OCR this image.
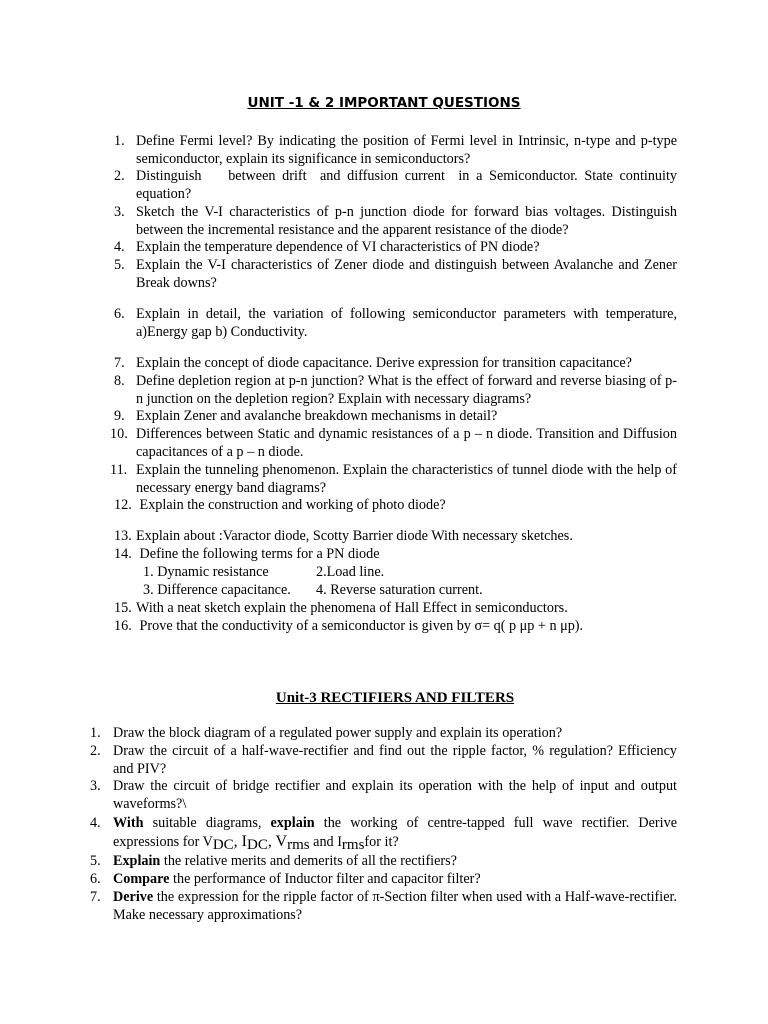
UNIT -1 & 2 IMPORTANT QUESTIONS
1. Define Fermi level? By indicating the position of Fermi level in Intrinsic, n-type and p-type semiconductor, explain its significance in semiconductors?
2. Distinguish    between drift  and diffusion current  in a Semiconductor. State continuity equation?
3. Sketch the V-I characteristics of p-n junction diode for forward bias voltages. Distinguish between the incremental resistance and the apparent resistance of the diode?
4. Explain the temperature dependence of VI characteristics of PN diode?
5. Explain the V-I characteristics of Zener diode and distinguish between Avalanche and Zener Break downs?
6. Explain in detail, the variation of following semiconductor parameters with temperature, a)Energy gap b) Conductivity.
7. Explain the concept of diode capacitance. Derive expression for transition capacitance?
8. Define depletion region at p-n junction? What is the effect of forward and reverse biasing of p-n junction on the depletion region? Explain with necessary diagrams?
9. Explain Zener and avalanche breakdown mechanisms in detail?
10. Differences between Static and dynamic resistances of a p – n diode. Transition and Diffusion capacitances of a p – n diode.
11. Explain the tunneling phenomenon. Explain the characteristics of tunnel diode with the help of necessary energy band diagrams?
12. Explain the construction and working of photo diode?
13. Explain about :Varactor diode, Scotty Barrier diode With necessary sketches.
14. Define the following terms for a PN diode
1. Dynamic resistance	2.Load line.
3. Difference capacitance. 4. Reverse saturation current.
15. With a neat sketch explain the phenomena of Hall Effect in semiconductors.
16. Prove that the conductivity of a semiconductor is given by σ= q( p μp + n μp).
Unit-3 RECTIFIERS AND FILTERS
1. Draw the block diagram of a regulated power supply and explain its operation?
2. Draw the circuit of a half-wave-rectifier and find out the ripple factor, % regulation? Efficiency and PIV?
3. Draw the circuit of bridge rectifier and explain its operation with the help of input and output waveforms?\
4. With suitable diagrams, explain the working of centre-tapped full wave rectifier. Derive expressions for $V_{DC}$, $I_{DC}$, $V_{rms}$ and $I_{rms}for$ it?
5. Explain the relative merits and demerits of all the rectifiers?
6. Compare the performance of Inductor filter and capacitor filter?
7. Derive the expression for the ripple factor of π-Section filter when used with a Half-wave-rectifier. Make necessary approximations?
